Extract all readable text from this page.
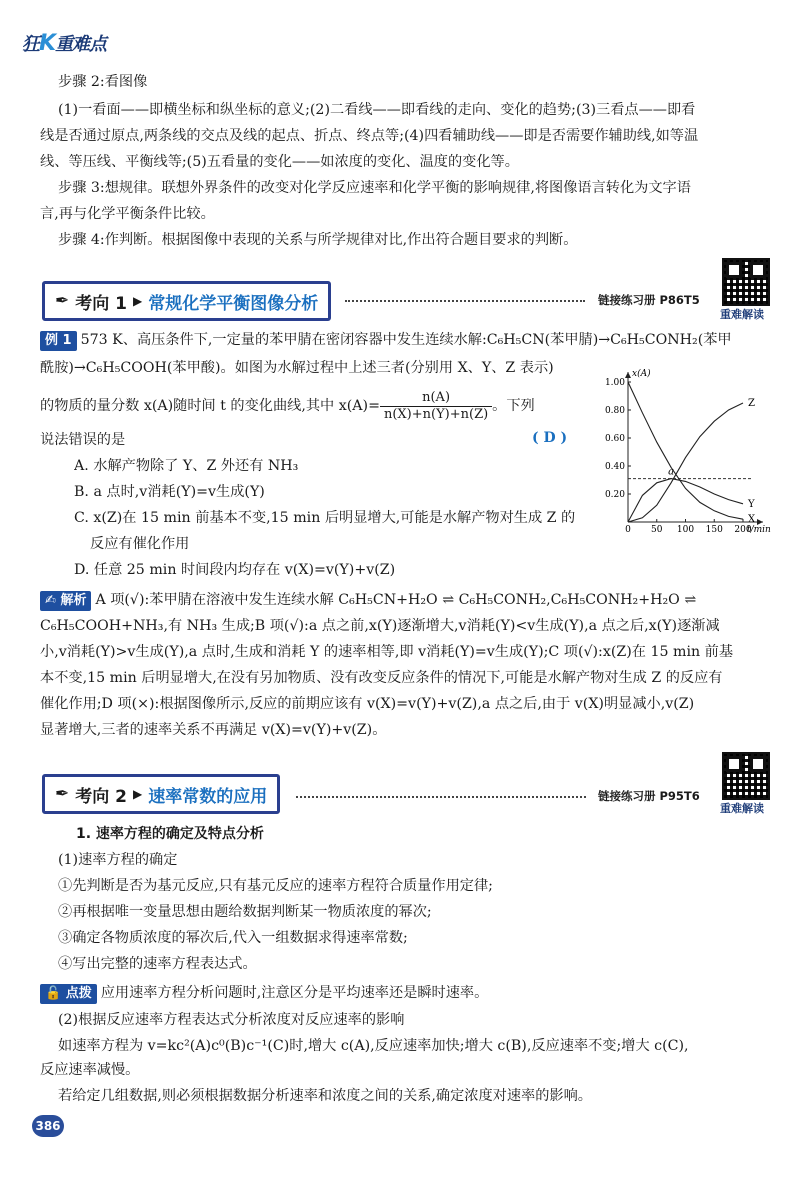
狂K重难点
步骤 2:看图像
(1)一看面——即横坐标和纵坐标的意义;(2)二看线——即看线的走向、变化的趋势;(3)三看点——即看
线是否通过原点,两条线的交点及线的起点、折点、终点等;(4)四看辅助线——即是否需要作辅助线,如等温
线、等压线、平衡线等;(5)五看量的变化——如浓度的变化、温度的变化等。
步骤 3:想规律。联想外界条件的改变对化学反应速率和化学平衡的影响规律,将图像语言转化为文字语
言,再与化学平衡条件比较。
步骤 4:作判断。根据图像中表现的关系与所学规律对比,作出符合题目要求的判断。
✒ 考向 1 ▶ 常规化学平衡图像分析	链接练习册 P86T5
重难解读
例 1 573 K、高压条件下,一定量的苯甲腈在密闭容器中发生连续水解:C₆H₅CN(苯甲腈)→C₆H₅CONH₂(苯甲
酰胺)→C₆H₅COOH(苯甲酸)。如图为水解过程中上述三者(分别用 X、Y、Z 表示)
的物质的量分数 x(A)随时间 t 的变化曲线,其中 $x(A)= \frac{n(A)}{n(X)+n(Y)+n(Z)}$ 。下列
说法错误的是	( D )
A. 水解产物除了 Y、Z 外还有 NH₃
B. a 点时,v消耗(Y)=v生成(Y)
C. x(Z)在 15 min 前基本不变,15 min 后明显增大,可能是水解产物对生成 Z 的
反应有催化作用
D. 任意 25 min 时间段内均存在 v(X)=v(Y)+v(Z)
x(A)
t/min
0 50 100 150 200
0.20
0.40
0.60
0.80
1.00
X
Y
Z
a
✍ 解析 A 项(√):苯甲腈在溶液中发生连续水解 C₆H₅CN+H₂O ⇌ C₆H₅CONH₂,C₆H₅CONH₂+H₂O ⇌
C₆H₅COOH+NH₃,有 NH₃ 生成;B 项(√):a 点之前,x(Y)逐渐增大,v消耗(Y)<v生成(Y),a 点之后,x(Y)逐渐减
小,v消耗(Y)>v生成(Y),a 点时,生成和消耗 Y 的速率相等,即 v消耗(Y)=v生成(Y);C 项(√):x(Z)在 15 min 前基
本不变,15 min 后明显增大,在没有另加物质、没有改变反应条件的情况下,可能是水解产物对生成 Z 的反应有
催化作用;D 项(×):根据图像所示,反应的前期应该有 v(X)=v(Y)+v(Z),a 点之后,由于 v(X)明显减小,v(Z)
显著增大,三者的速率关系不再满足 v(X)=v(Y)+v(Z)。
✒ 考向 2 ▶ 速率常数的应用	链接练习册 P95T6
重难解读
1. 速率方程的确定及特点分析
(1)速率方程的确定
①先判断是否为基元反应,只有基元反应的速率方程符合质量作用定律;
②再根据唯一变量思想由题给数据判断某一物质浓度的幂次;
③确定各物质浓度的幂次后,代入一组数据求得速率常数;
④写出完整的速率方程表达式。
🔓 点拨 应用速率方程分析问题时,注意区分是平均速率还是瞬时速率。
(2)根据反应速率方程表达式分析浓度对反应速率的影响
如速率方程为 v=kc²(A)c⁰(B)c⁻¹(C)时,增大 c(A),反应速率加快;增大 c(B),反应速率不变;增大 c(C),
反应速率减慢。
若给定几组数据,则必须根据数据分析速率和浓度之间的关系,确定浓度对速率的影响。
386
